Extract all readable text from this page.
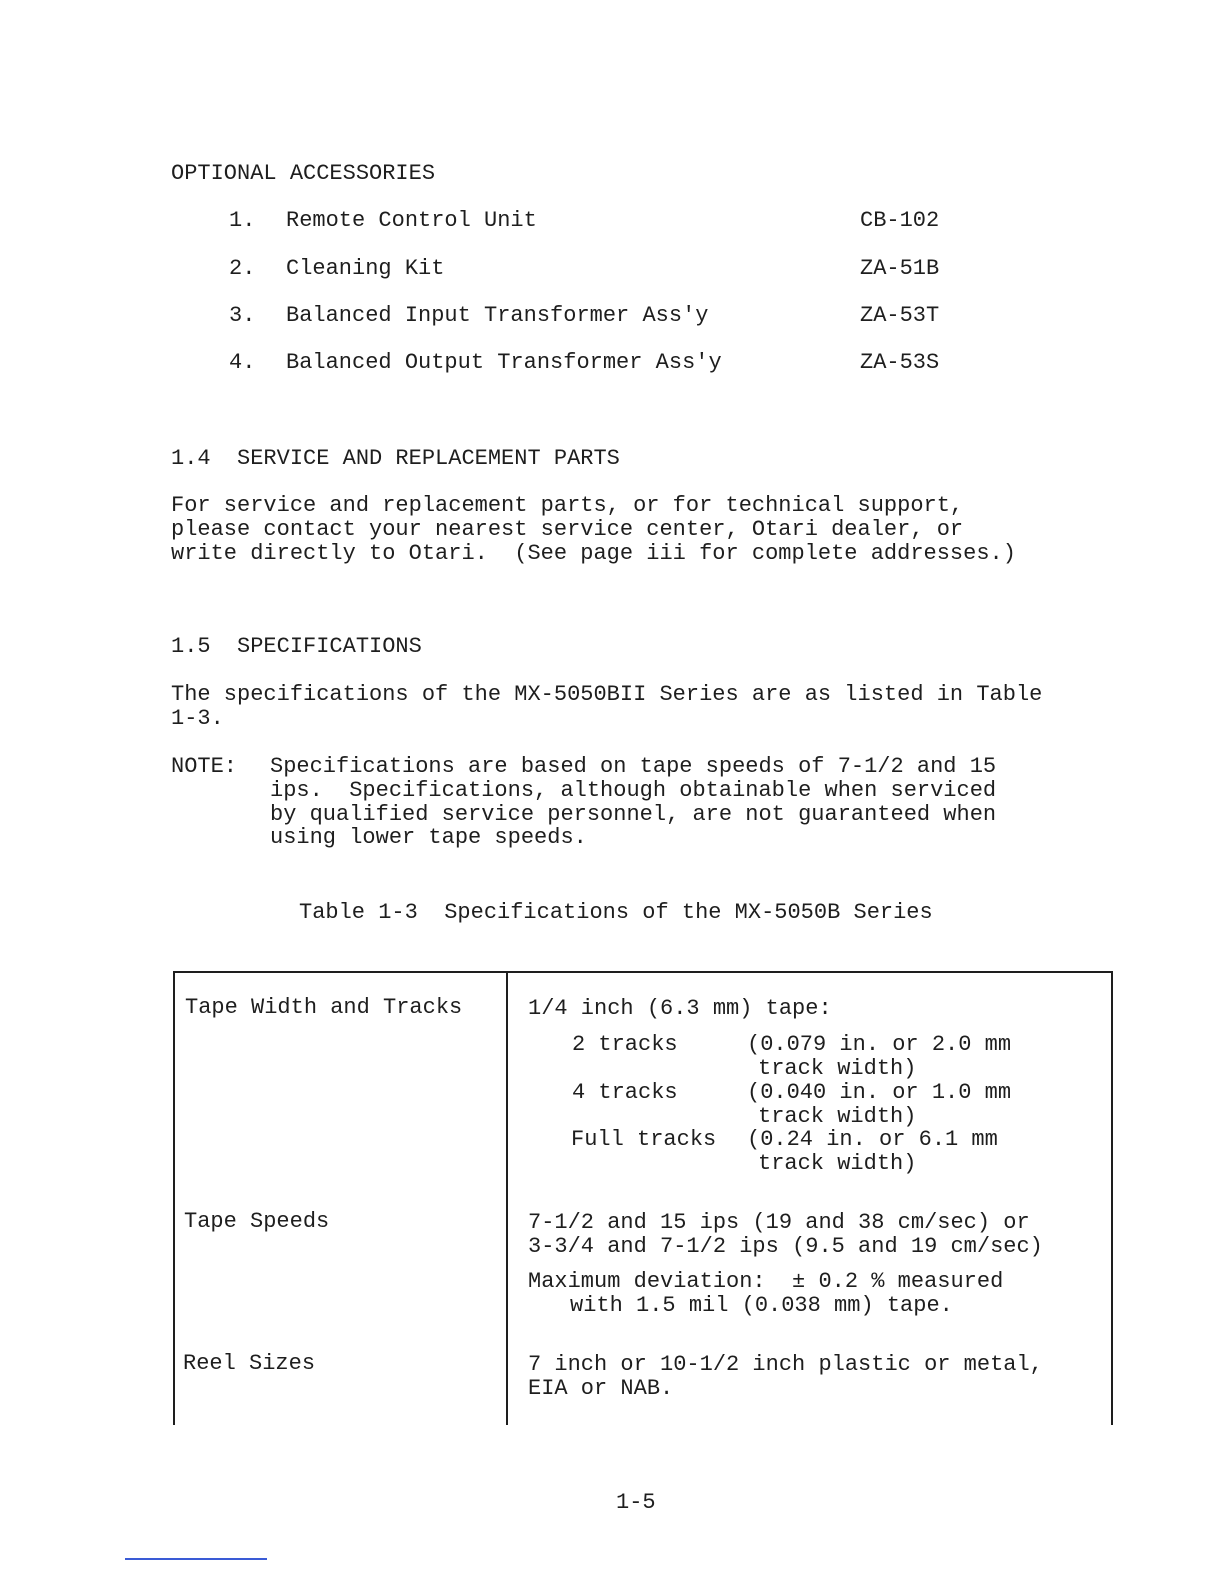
OPTIONAL ACCESSORIES
1. Remote Control Unit	CB-102
2. Cleaning Kit	ZA-51B
3. Balanced Input Transformer Ass'y	ZA-53T
4. Balanced Output Transformer Ass'y	ZA-53S
1.4  SERVICE AND REPLACEMENT PARTS
For service and replacement parts, or for technical support,
please contact your nearest service center, Otari dealer, or
write directly to Otari.  (See page iii for complete addresses.)
1.5  SPECIFICATIONS
The specifications of the MX-5050BII Series are as listed in Table
1-3.
NOTE: Specifications are based on tape speeds of 7-1/2 and 15
ips.  Specifications, although obtainable when serviced
by qualified service personnel, are not guaranteed when
using lower tape speeds.
Table 1-3  Specifications of the MX-5050B Series
Tape Width and Tracks	1/4 inch (6.3 mm) tape:
2 tracks	(0.079 in. or 2.0 mm
track width)
4 tracks	(0.040 in. or 1.0 mm
track width)
Full tracks (0.24 in. or 6.1 mm
track width)
Tape Speeds	7-1/2 and 15 ips (19 and 38 cm/sec) or
3-3/4 and 7-1/2 ips (9.5 and 19 cm/sec)
Maximum deviation:  ± 0.2 % measured
with 1.5 mil (0.038 mm) tape.
Reel Sizes	7 inch or 10-1/2 inch plastic or metal,
EIA or NAB.
1-5
